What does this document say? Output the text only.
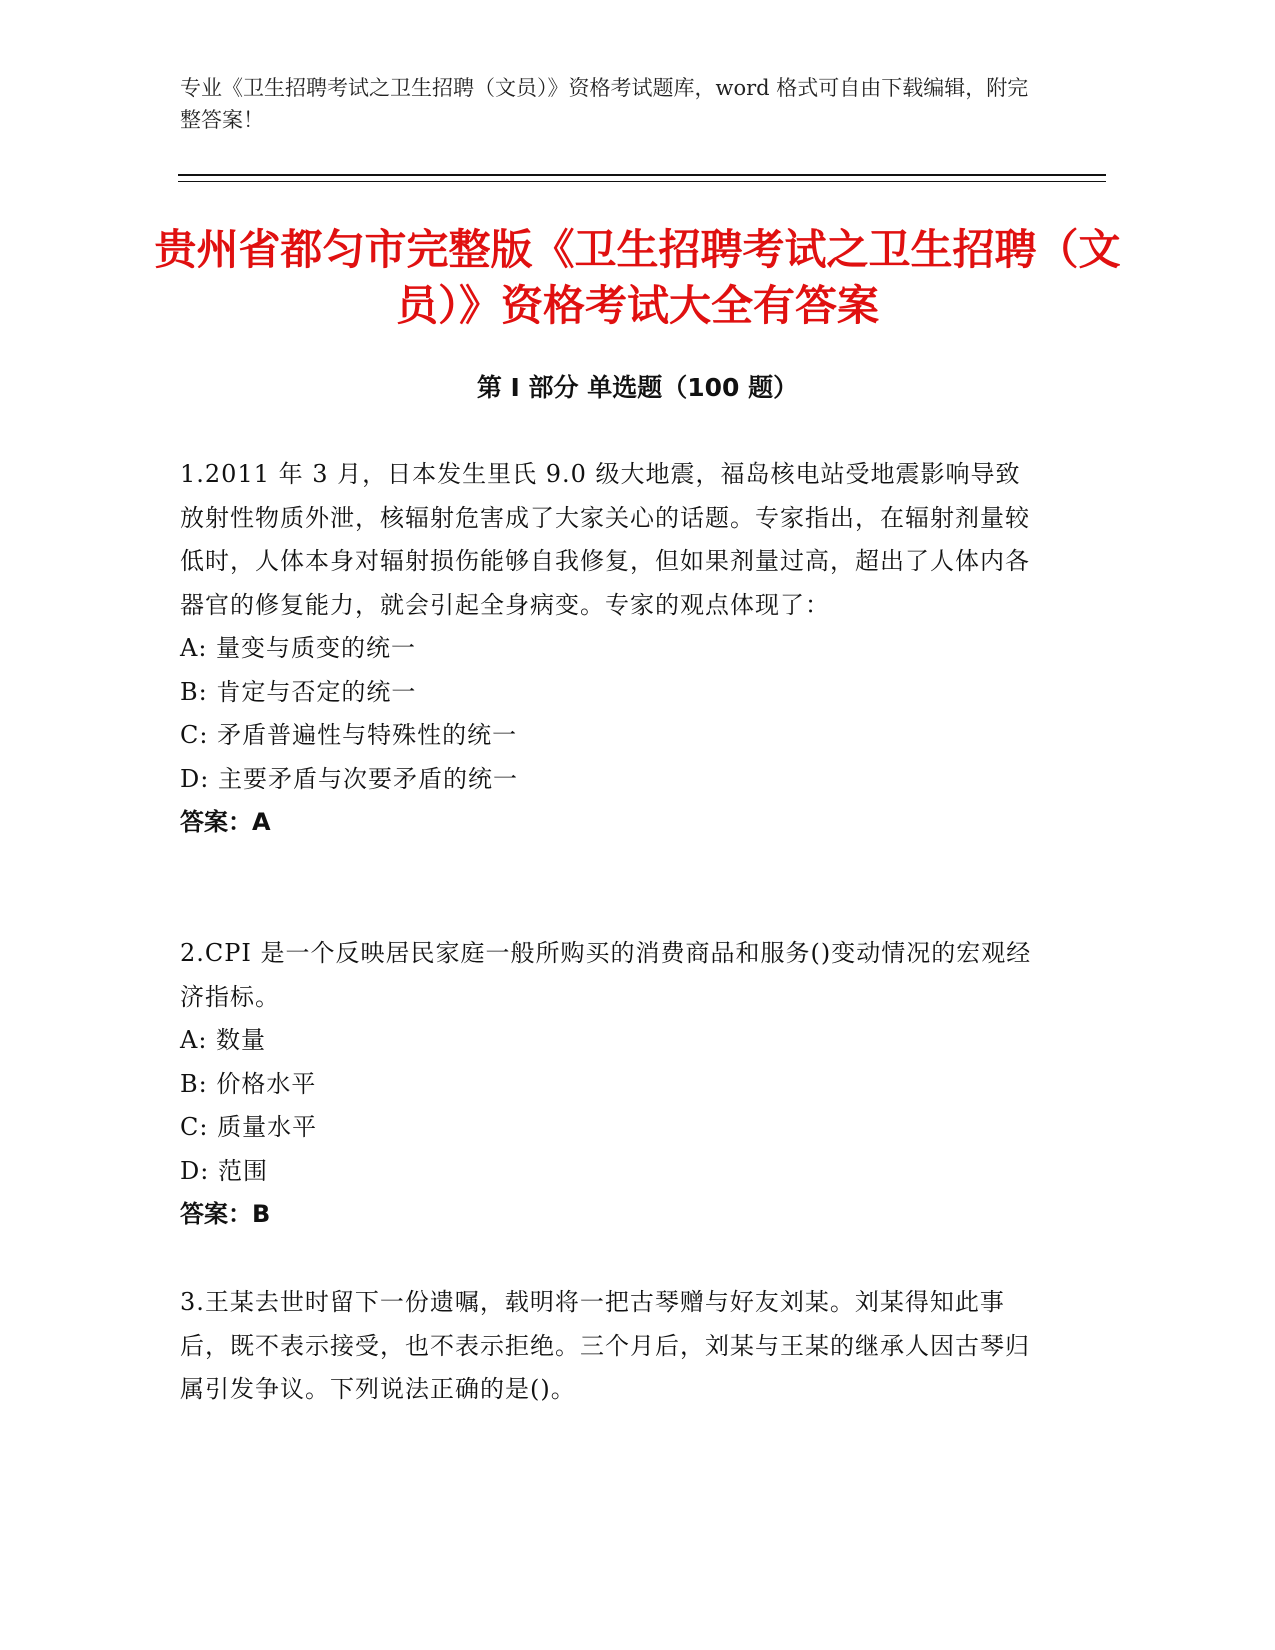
专业《卫生招聘考试之卫生招聘（文员）》资格考试题库，word 格式可自由下载编辑，附完整答案！
贵州省都匀市完整版《卫生招聘考试之卫生招聘（文员）》资格考试大全有答案
第 I 部分 单选题（100 题）
1.2011 年 3 月，日本发生里氏 9.0 级大地震，福岛核电站受地震影响导致放射性物质外泄，核辐射危害成了大家关心的话题。专家指出，在辐射剂量较低时，人体本身对辐射损伤能够自我修复，但如果剂量过高，超出了人体内各器官的修复能力，就会引起全身病变。专家的观点体现了：
A: 量变与质变的统一
B: 肯定与否定的统一
C: 矛盾普遍性与特殊性的统一
D: 主要矛盾与次要矛盾的统一
答案：A
2.CPI 是一个反映居民家庭一般所购买的消费商品和服务()变动情况的宏观经济指标。
A: 数量
B: 价格水平
C: 质量水平
D: 范围
答案：B
3.王某去世时留下一份遗嘱，载明将一把古琴赠与好友刘某。刘某得知此事后，既不表示接受，也不表示拒绝。三个月后，刘某与王某的继承人因古琴归属引发争议。下列说法正确的是()。
